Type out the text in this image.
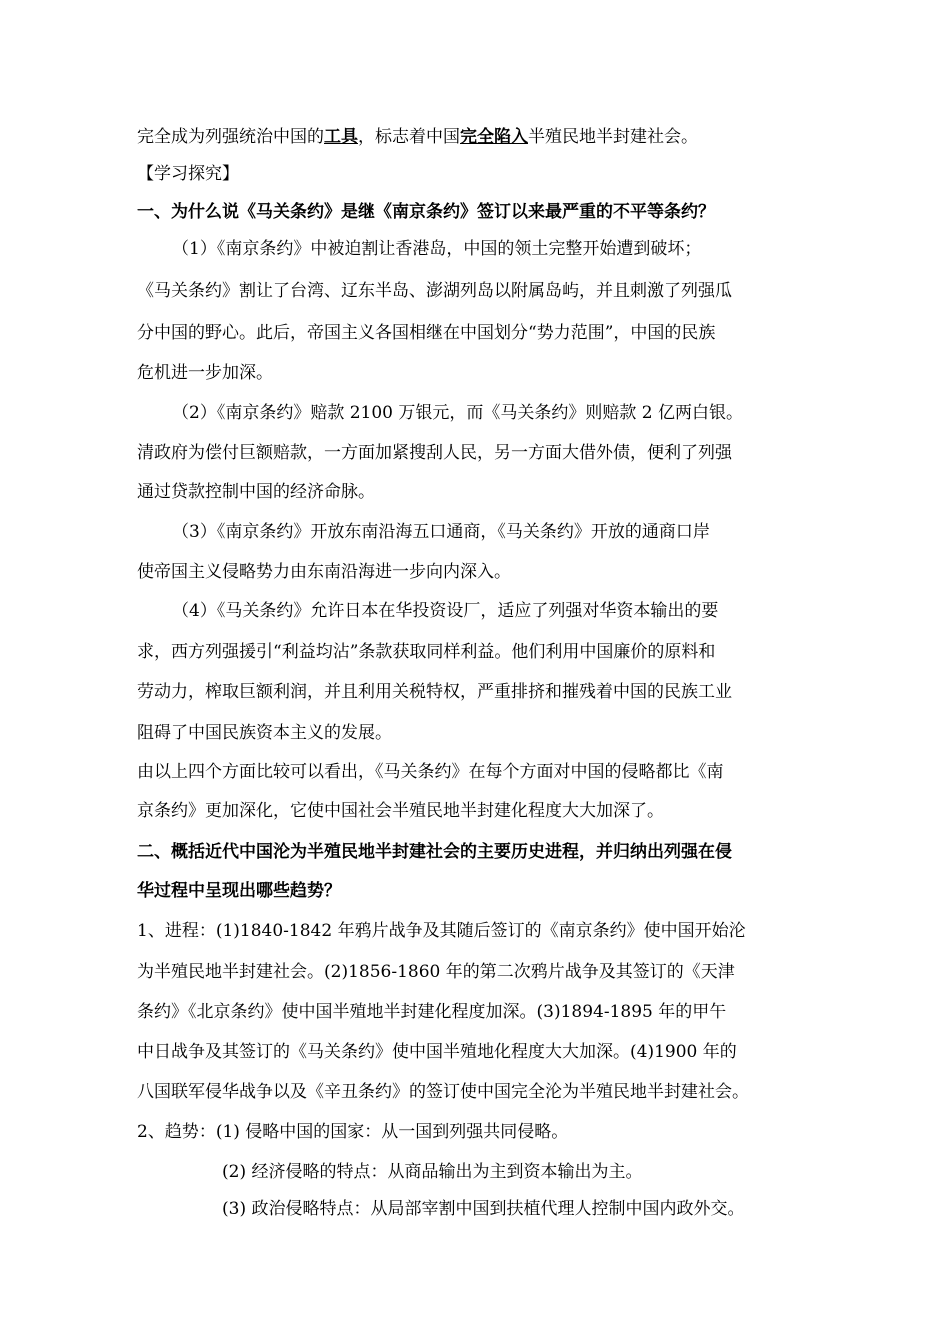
完全成为列强统治中国的工具，标志着中国完全陷入半殖民地半封建社会。
【学习探究】
一、为什么说《马关条约》是继《南京条约》签订以来最严重的不平等条约？
（1）《南京条约》中被迫割让香港岛，中国的领土完整开始遭到破坏；
《马关条约》割让了台湾、辽东半岛、澎湖列岛以附属岛屿，并且刺激了列强瓜
分中国的野心。此后，帝国主义各国相继在中国划分“势力范围”，中国的民族
危机进一步加深。
（2）《南京条约》赔款 2100 万银元，而《马关条约》则赔款 2 亿两白银。
清政府为偿付巨额赔款，一方面加紧搜刮人民，另一方面大借外债，便利了列强
通过贷款控制中国的经济命脉。
（3）《南京条约》开放东南沿海五口通商，《马关条约》开放的通商口岸
使帝国主义侵略势力由东南沿海进一步向内深入。
（4）《马关条约》允许日本在华投资设厂，适应了列强对华资本输出的要
求，西方列强援引“利益均沾”条款获取同样利益。他们利用中国廉价的原料和
劳动力，榨取巨额利润，并且利用关税特权，严重排挤和摧残着中国的民族工业
阻碍了中国民族资本主义的发展。
由以上四个方面比较可以看出，《马关条约》在每个方面对中国的侵略都比《南
京条约》更加深化，它使中国社会半殖民地半封建化程度大大加深了。
二、概括近代中国沦为半殖民地半封建社会的主要历史进程，并归纳出列强在侵
华过程中呈现出哪些趋势？
1、进程：(1)1840-1842 年鸦片战争及其随后签订的《南京条约》使中国开始沦
为半殖民地半封建社会。(2)1856-1860 年的第二次鸦片战争及其签订的《天津
条约》《北京条约》使中国半殖地半封建化程度加深。(3)1894-1895 年的甲午
中日战争及其签订的《马关条约》使中国半殖地化程度大大加深。(4)1900 年的
八国联军侵华战争以及《辛丑条约》的签订使中国完全沦为半殖民地半封建社会。
2、趋势：(1) 侵略中国的国家：从一国到列强共同侵略。
(2) 经济侵略的特点：从商品输出为主到资本输出为主。
(3) 政治侵略特点：从局部宰割中国到扶植代理人控制中国内政外交。
